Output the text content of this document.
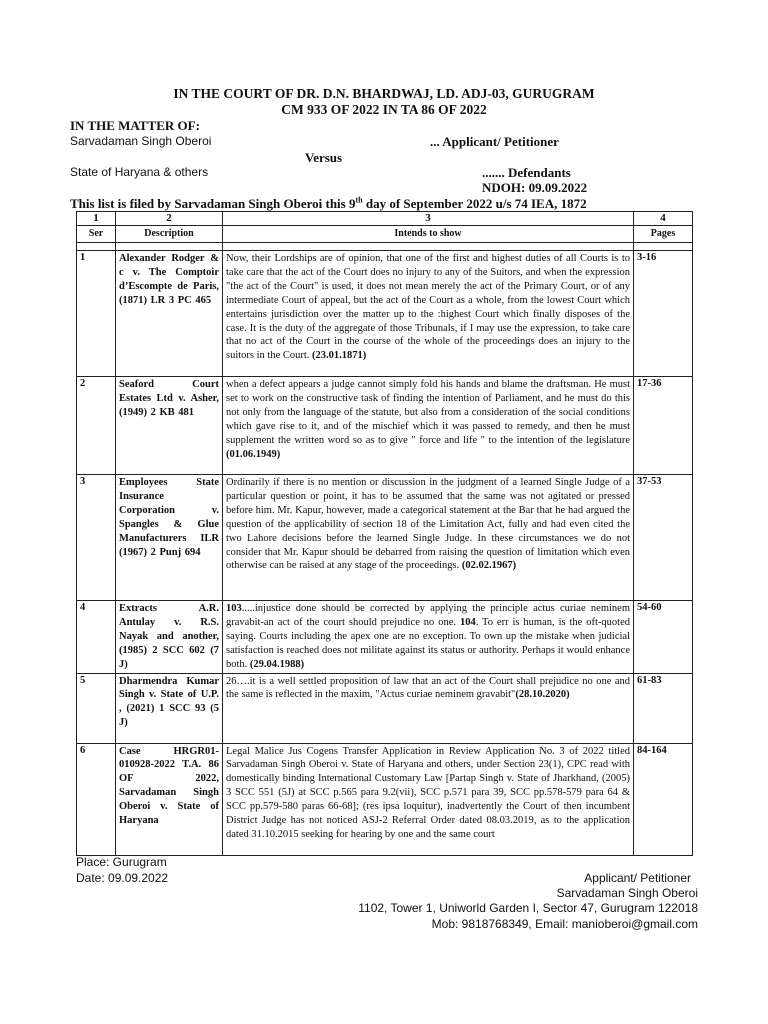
IN THE COURT OF DR. D.N. BHARDWAJ, LD. ADJ-03, GURUGRAM
CM 933 OF 2022 IN TA 86 OF 2022
IN THE MATTER OF:
Sarvadaman Singh Oberoi	... Applicant/ Petitioner
Versus
State of Haryana & others	....... Defendants
NDOH: 09.09.2022
This list is filed by Sarvadaman Singh Oberoi this 9th day of September 2022 u/s 74 IEA, 1872
1	2	3	4
Ser	Description	Intends to show	Pages

1	Alexander Rodger & c v. The Comptoir d’Escompte de Paris, (1871) LR 3 PC 465	Now, their Lordships are of opinion, that one of the first and highest duties of all Courts is to take care that the act of the Court does no injury to any of the Suitors, and when the expression "the act of the Court" is used, it does not mean merely the act of the Primary Court, or of any intermediate Court of appeal, but the act of the Court as a whole, from the lowest Court which entertains jurisdiction over the matter up to the :highest Court which finally disposes of the case. It is the duty of the aggregate of those Tribunals, if I may use the expression, to take care that no act of the Court in the course of the whole of the proceedings does an injury to the suitors in the Court. (23.01.1871)	3-16
2	Seaford Court Estates Ltd v. Asher, (1949) 2 KB 481	when a defect appears a judge cannot simply fold his hands and blame the draftsman. He must set to work on the constructive task of finding the intention of Parliament, and he must do this not only from the language of the statute, but also from a consideration of the social conditions which gave rise to it, and of the mischief which it was passed to remedy, and then he must supplement the written word so as to give " force and life " to the intention of the legislature (01.06.1949)	17-36
3	Employees State Insurance Corporation v. Spangles & Glue Manufacturers ILR (1967) 2 Punj 694	Ordinarily if there is no mention or discussion in the judgment of a learned Single Judge of a particular question or point, it has to be assumed that the same was not agitated or pressed before him. Mr. Kapur, however, made a categorical statement at the Bar that he had argued the question of the applicability of section 18 of the Limitation Act, fully and had even cited the two Lahore decisions before the learned Single Judge. In these circumstances we do not consider that Mr. Kapur should be debarred from raising the question of limitation which even otherwise can be raised at any stage of the proceedings. (02.02.1967)	37-53
4	Extracts A.R. Antulay v. R.S. Nayak and another, (1985) 2 SCC 602 (7 J)	103.....injustice done should be corrected by applying the principle actus curiae neminem gravabit-an act of the court should prejudice no one. 104. To err is human, is the oft-quoted saying. Courts including the apex one are no exception. To own up the mistake when judicial satisfaction is reached does not militate against its status or authority. Perhaps it would enhance both. (29.04.1988)	54-60
5	Dharmendra Kumar Singh v. State of U.P. , (2021) 1 SCC 93 (5 J)	26….it is a well settled proposition of law that an act of the Court shall prejudice no one and the same is reflected in the maxim, "Actus curiae neminem gravabit"(28.10.2020)	61-83
6	Case HRGR01-010928-2022 T.A. 86 OF 2022, Sarvadaman Singh Oberoi v. State of Haryana	Legal Malice Jus Cogens Transfer Application in Review Application No. 3 of 2022 titled Sarvadaman Singh Oberoi v. State of Haryana and others, under Section 23(1), CPC read with domestically binding International Customary Law [Partap Singh v. State of Jharkhand, (2005) 3 SCC 551 (5J) at SCC p.565 para 9.2(vii), SCC p.571 para 39, SCC pp.578-579 para 64 & SCC pp.579-580 paras 66-68]; (res ipsa loquitur), inadvertently the Court of then incumbent District Judge has not noticed ASJ-2 Referral Order dated 08.03.2019, as to the application dated 31.10.2015 seeking for hearing by one and the same court	84-164
Place: Gurugram
Date: 09.09.2022	Applicant/ Petitioner
Sarvadaman Singh Oberoi
1102, Tower 1, Uniworld Garden I, Sector 47, Gurugram 122018
Mob: 9818768349, Email: manioberoi@gmail.com
